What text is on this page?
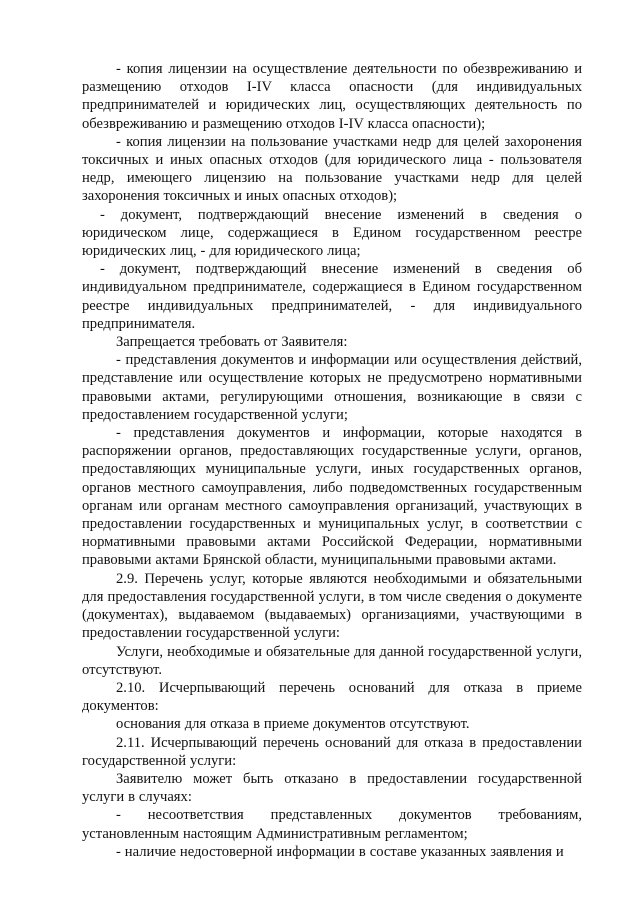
- копия лицензии на осуществление деятельности по обезвреживанию и размещению отходов I-IV класса опасности (для индивидуальных предпринимателей и юридических лиц, осуществляющих деятельность по обезвреживанию и размещению отходов I-IV класса опасности);

- копия лицензии на пользование участками недр для целей захоронения токсичных и иных опасных отходов (для юридического лица - пользователя недр, имеющего лицензию на пользование участками недр для целей захоронения токсичных и иных опасных отходов);

- документ, подтверждающий внесение изменений в сведения о юридическом лице, содержащиеся в Едином государственном реестре юридических лиц, - для юридического лица;

- документ, подтверждающий внесение изменений в сведения об индивидуальном предпринимателе, содержащиеся в Едином государственном реестре индивидуальных предпринимателей, - для индивидуального предпринимателя.

Запрещается требовать от Заявителя:

- представления документов и информации или осуществления действий, представление или осуществление которых не предусмотрено нормативными правовыми актами, регулирующими отношения, возникающие в связи с предоставлением государственной услуги;

- представления документов и информации, которые находятся в распоряжении органов, предоставляющих государственные услуги, органов, предоставляющих муниципальные услуги, иных государственных органов, органов местного самоуправления, либо подведомственных государственным органам или органам местного самоуправления организаций, участвующих в предоставлении государственных и муниципальных услуг, в соответствии с нормативными правовыми актами Российской Федерации, нормативными правовыми актами Брянской области, муниципальными правовыми актами.

2.9. Перечень услуг, которые являются необходимыми и обязательными для предоставления государственной услуги, в том числе сведения о документе (документах), выдаваемом (выдаваемых) организациями, участвующими в предоставлении государственной услуги:

Услуги, необходимые и обязательные для данной государственной услуги, отсутствуют.

2.10. Исчерпывающий перечень оснований для отказа в приеме документов:

основания для отказа в приеме документов отсутствуют.

2.11. Исчерпывающий перечень оснований для отказа в предоставлении государственной услуги:

Заявителю может быть отказано в предоставлении государственной услуги в случаях:

- несоответствия представленных документов требованиям, установленным настоящим Административным регламентом;

- наличие недостоверной информации в составе указанных заявления и
